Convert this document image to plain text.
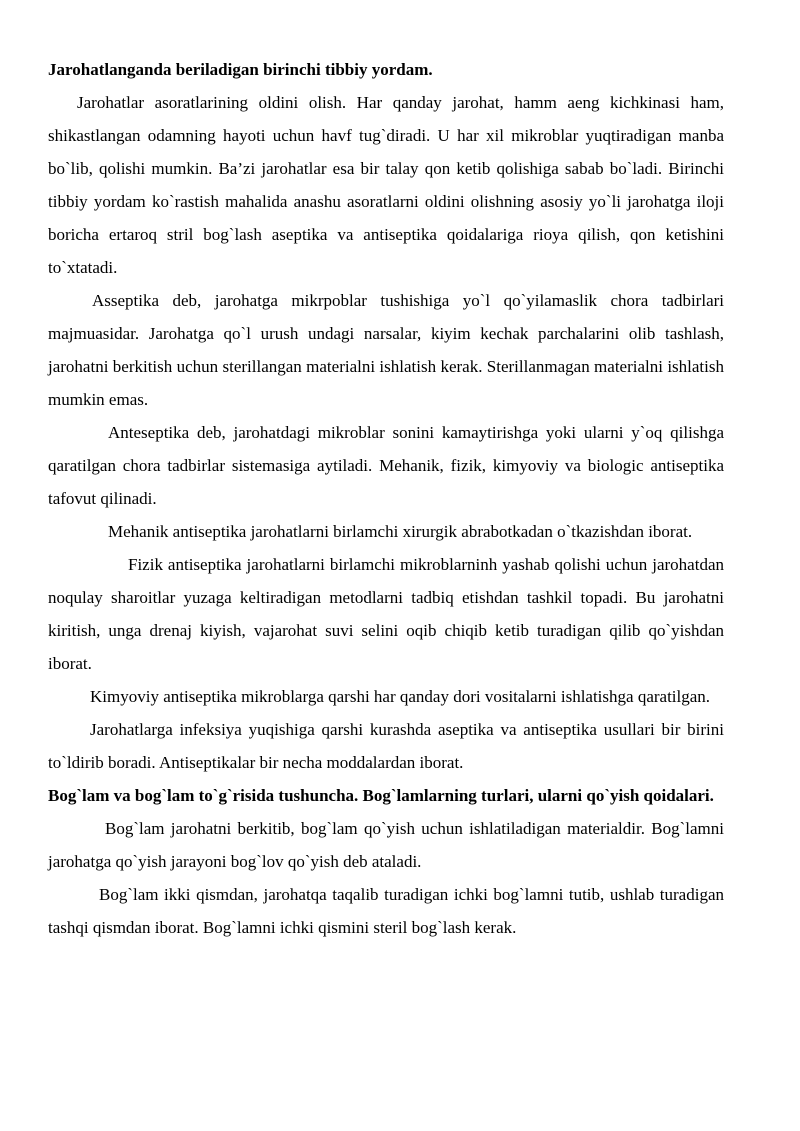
Jarohatlanganda beriladigan birinchi tibbiy yordam.

Jarohatlar asoratlarining oldini olish. Har qanday jarohat, hamm aeng kichkinasi ham, shikastlangan odamning hayoti uchun havf tug`diradi. U har xil mikroblar yuqtiradigan manba bo`lib, qolishi mumkin. Ba’zi jarohatlar esa bir talay qon ketib qolishiga sabab bo`ladi. Birinchi tibbiy yordam ko`rastish mahalida anashu asoratlarni oldini olishning asosiy yo`li jarohatga iloji boricha ertaroq stril bog`lash aseptika va antiseptika qoidalariga rioya qilish, qon ketishini to`xtatadi.

Asseptika deb, jarohatga mikrpoblar tushishiga yo`l qo`yilamaslik chora tadbirlari majmuasidar. Jarohatga qo`l urush undagi narsalar, kiyim kechak parchalarini olib tashlash, jarohatni berkitish uchun sterillangan materialni ishlatish kerak. Sterillanmagan materialni ishlatish mumkin emas.

Anteseptika deb, jarohatdagi mikroblar sonini kamaytirishga yoki ularni y`oq qilishga qaratilgan chora tadbirlar sistemasiga aytiladi. Mehanik, fizik, kimyoviy va biologic antiseptika tafovut qilinadi.

Mehanik antiseptika jarohatlarni birlamchi xirurgik abrabotkadan o`tkazishdan iborat.

Fizik antiseptika jarohatlarni birlamchi mikroblarninh yashab qolishi uchun jarohatdan noqulay sharoitlar yuzaga keltiradigan metodlarni tadbiq etishdan tashkil topadi. Bu jarohatni kiritish, unga drenaj kiyish, vajarohat suvi selini oqib chiqib ketib turadigan qilib qo`yishdan iborat.

Kimyoviy antiseptika mikroblarga qarshi har qanday dori vositalarni ishlatishga qaratilgan.

Jarohatlarga infeksiya yuqishiga qarshi kurashda aseptika va antiseptika usullari bir birini to`ldirib boradi. Antiseptikalar bir necha moddalardan iborat.

Bog`lam va bog`lam to`g`risida tushuncha. Bog`lamlarning turlari, ularni qo`yish qoidalari.

Bog`lam jarohatni berkitib, bog`lam qo`yish uchun ishlatiladigan materialdir. Bog`lamni jarohatga qo`yish jarayoni bog`lov qo`yish deb ataladi.

Bog`lam ikki qismdan, jarohatqa taqalib turadigan ichki bog`lamni tutib, ushlab turadigan tashqi qismdan iborat. Bog`lamni ichki qismini steril bog`lash kerak.
